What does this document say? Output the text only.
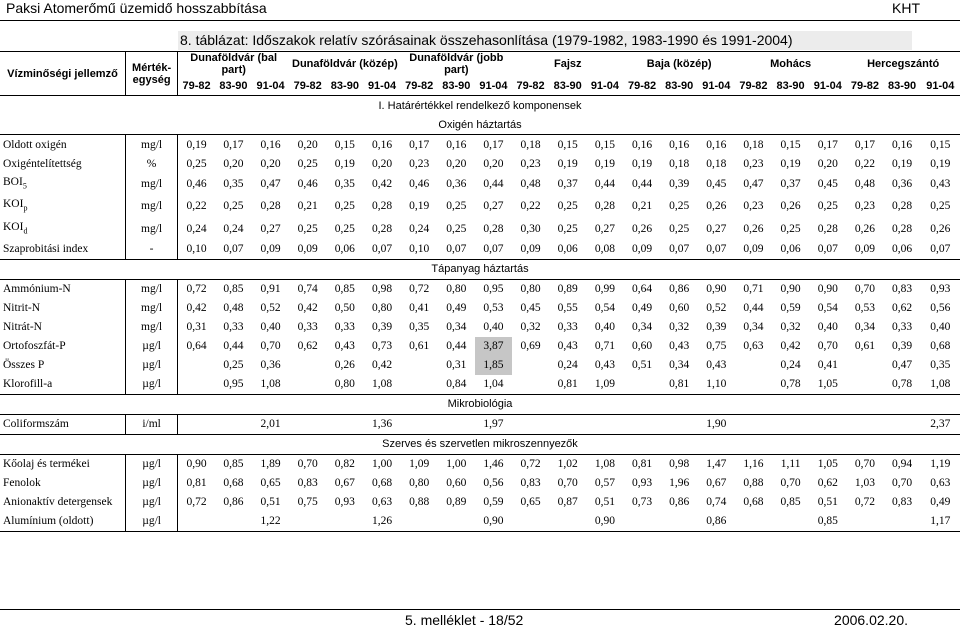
Paksi Atomerőmű üzemidő hosszabbítása	KHT
8. táblázat: Időszakok relatív szórásainak összehasonlítása (1979-1982, 1983-1990 és 1991-2004)
Vízminőségi jellemző	Mérték-egység	Dunaföldvár (bal part)			Dunaföldvár (közép)			Dunaföldvár (jobb part)			Fajsz			Baja (közép)			Mohács			Hercegszántó		
		79-82	83-90	91-04	79-82	83-90	91-04	79-82	83-90	91-04	79-82	83-90	91-04	79-82	83-90	91-04	79-82	83-90	91-04	79-82	83-90	91-04
I. Határértékkel rendelkező komponensek																						
Oxigén háztartás																						
Oldott oxigén	mg/l	0,19	0,17	0,16	0,20	0,15	0,16	0,17	0,16	0,17	0,18	0,15	0,15	0,16	0,16	0,16	0,18	0,15	0,17	0,17	0,16	0,15
Oxigéntelítettség	%	0,25	0,20	0,20	0,25	0,19	0,20	0,23	0,20	0,20	0,23	0,19	0,19	0,19	0,18	0,18	0,23	0,19	0,20	0,22	0,19	0,19
$BOI_5$	mg/l	0,46	0,35	0,47	0,46	0,35	0,42	0,46	0,36	0,44	0,48	0,37	0,44	0,44	0,39	0,45	0,47	0,37	0,45	0,48	0,36	0,43
$KOI_p$	mg/l	0,22	0,25	0,28	0,21	0,25	0,28	0,19	0,25	0,27	0,22	0,25	0,28	0,21	0,25	0,26	0,23	0,26	0,25	0,23	0,28	0,25
$KOI_d$	mg/l	0,24	0,24	0,27	0,25	0,25	0,28	0,24	0,25	0,28	0,30	0,25	0,27	0,26	0,25	0,27	0,26	0,25	0,28	0,26	0,28	0,26
Szaprobitási index	-	0,10	0,07	0,09	0,09	0,06	0,07	0,10	0,07	0,07	0,09	0,06	0,08	0,09	0,07	0,07	0,09	0,06	0,07	0,09	0,06	0,07
Tápanyag háztartás																						
Ammónium-N	mg/l	0,72	0,85	0,91	0,74	0,85	0,98	0,72	0,80	0,95	0,80	0,89	0,99	0,64	0,86	0,90	0,71	0,90	0,90	0,70	0,83	0,93
Nitrit-N	mg/l	0,42	0,48	0,52	0,42	0,50	0,80	0,41	0,49	0,53	0,45	0,55	0,54	0,49	0,60	0,52	0,44	0,59	0,54	0,53	0,62	0,56
Nitrát-N	mg/l	0,31	0,33	0,40	0,33	0,33	0,39	0,35	0,34	0,40	0,32	0,33	0,40	0,34	0,32	0,39	0,34	0,32	0,40	0,34	0,33	0,40
Ortofoszfát-P	µg/l	0,64	0,44	0,70	0,62	0,43	0,73	0,61	0,44	3,87	0,69	0,43	0,71	0,60	0,43	0,75	0,63	0,42	0,70	0,61	0,39	0,68
Összes P	µg/l		0,25	0,36		0,26	0,42		0,31	1,85		0,24	0,43	0,51	0,34	0,43		0,24	0,41		0,47	0,35
Klorofill-a	µg/l		0,95	1,08		0,80	1,08		0,84	1,04		0,81	1,09		0,81	1,10		0,78	1,05		0,78	1,08
Mikrobiológia																						
Coliformszám	i/ml			2,01			1,36			1,97						1,90						2,37
Szerves és szervetlen mikroszennyezők																						
Kőolaj és termékei	µg/l	0,90	0,85	1,89	0,70	0,82	1,00	1,09	1,00	1,46	0,72	1,02	1,08	0,81	0,98	1,47	1,16	1,11	1,05	0,70	0,94	1,19
Fenolok	µg/l	0,81	0,68	0,65	0,83	0,67	0,68	0,80	0,60	0,56	0,83	0,70	0,57	0,93	1,96	0,67	0,88	0,70	0,62	1,03	0,70	0,63
Anionaktív detergensek	µg/l	0,72	0,86	0,51	0,75	0,93	0,63	0,88	0,89	0,59	0,65	0,87	0,51	0,73	0,86	0,74	0,68	0,85	0,51	0,72	0,83	0,49
Alumínium (oldott)	µg/l			1,22			1,26			0,90			0,90			0,86			0,85			1,17
5. melléklet - 18/52	2006.02.20.
